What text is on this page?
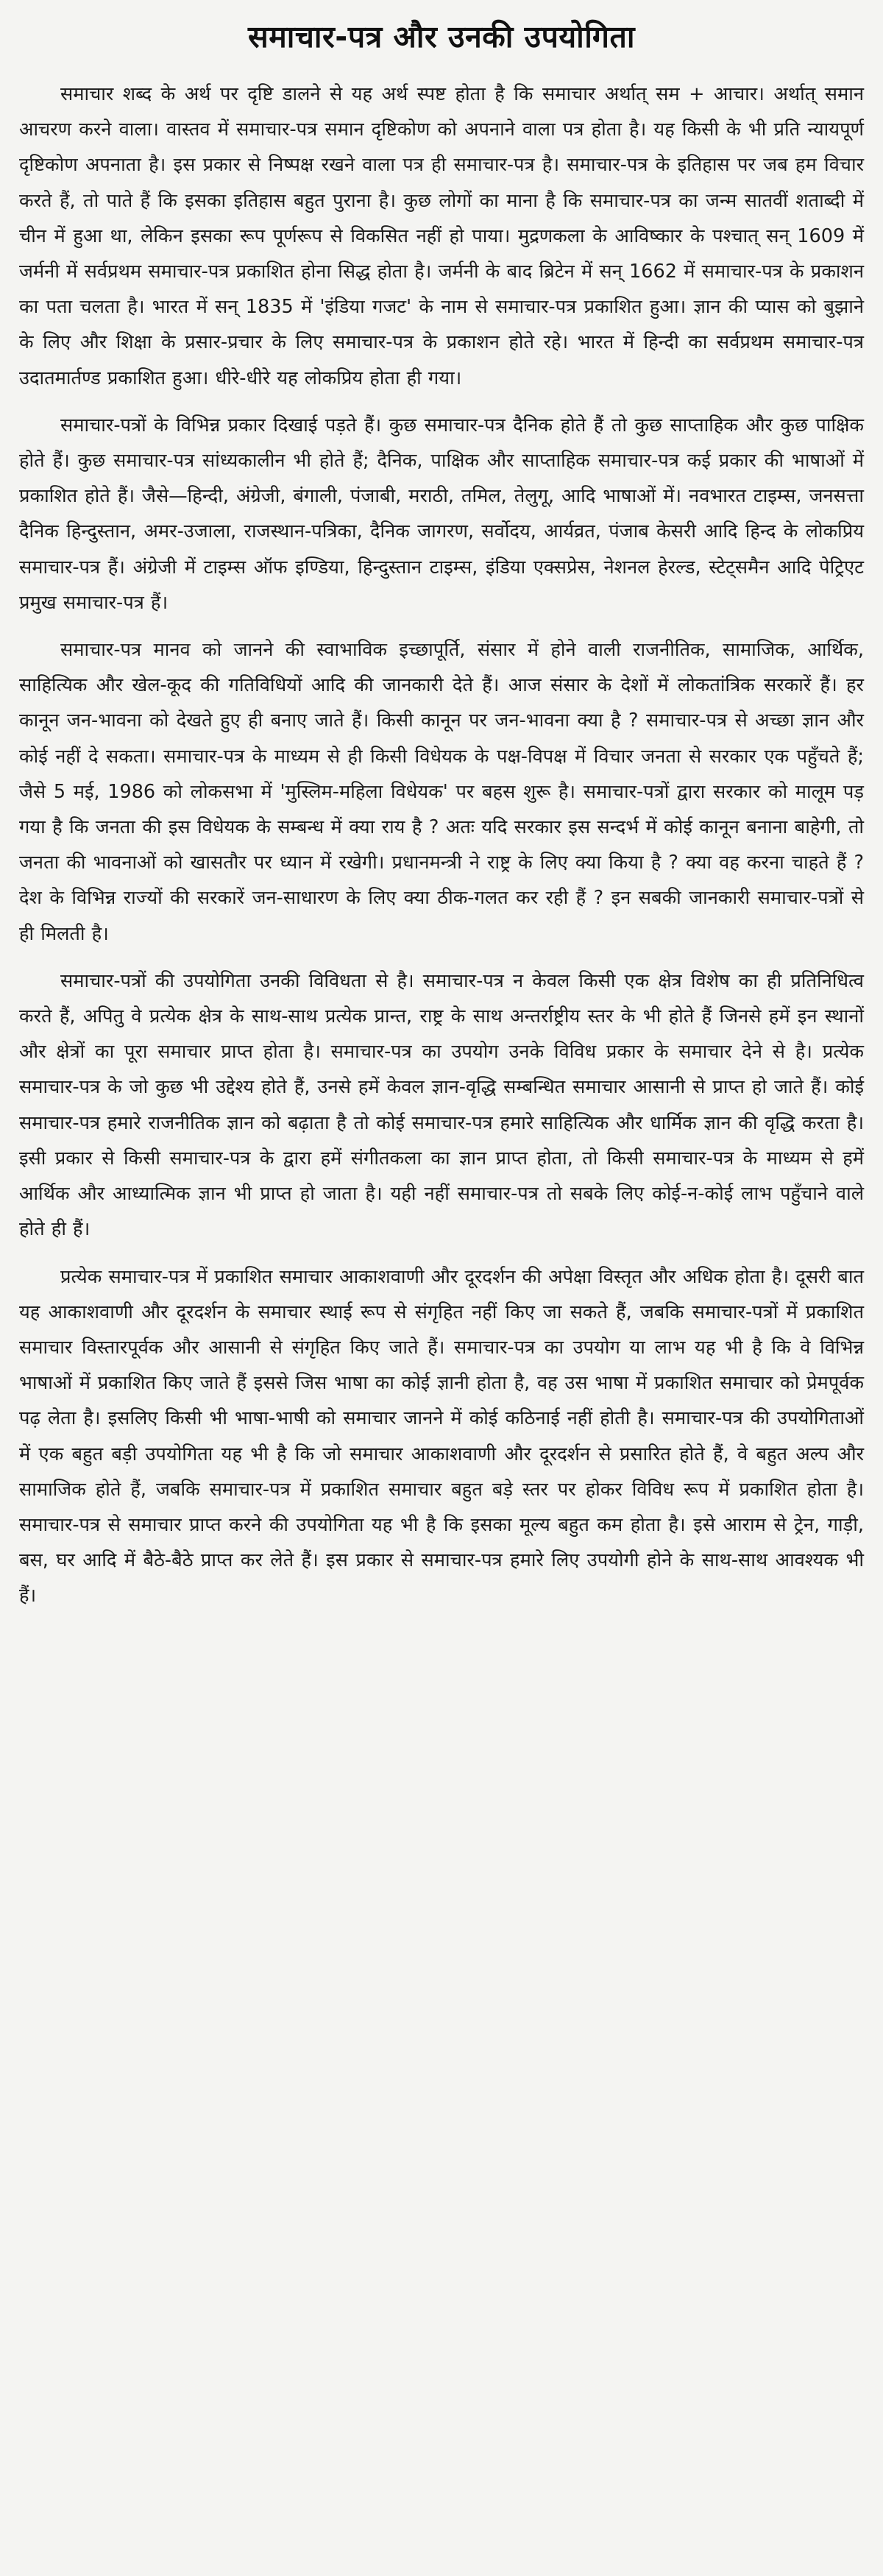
समाचार-पत्र और उनकी उपयोगिता

समाचार शब्द के अर्थ पर दृष्टि डालने से यह अर्थ स्पष्ट होता है कि समाचार अर्थात् सम + आचार। अर्थात् समान आचरण करने वाला। वास्तव में समाचार-पत्र समान दृष्टिकोण को अपनाने वाला पत्र होता है। यह किसी के भी प्रति न्यायपूर्ण दृष्टिकोण अपनाता है। इस प्रकार से निष्पक्ष रखने वाला पत्र ही समाचार-पत्र है। समाचार-पत्र के इतिहास पर जब हम विचार करते हैं, तो पाते हैं कि इसका इतिहास बहुत पुराना है। कुछ लोगों का माना है कि समाचार-पत्र का जन्म सातवीं शताब्दी में चीन में हुआ था, लेकिन इसका रूप पूर्णरूप से विकसित नहीं हो पाया। मुद्रणकला के आविष्कार के पश्चात् सन् 1609 में जर्मनी में सर्वप्रथम समाचार-पत्र प्रकाशित होना सिद्ध होता है। जर्मनी के बाद ब्रिटेन में सन् 1662 में समाचार-पत्र के प्रकाशन का पता चलता है। भारत में सन् 1835 में 'इंडिया गजट' के नाम से समाचार-पत्र प्रकाशित हुआ। ज्ञान की प्यास को बुझाने के लिए और शिक्षा के प्रसार-प्रचार के लिए समाचार-पत्र के प्रकाशन होते रहे। भारत में हिन्दी का सर्वप्रथम समाचार-पत्र उदातमार्तण्ड प्रकाशित हुआ। धीरे-धीरे यह लोकप्रिय होता ही गया।

समाचार-पत्रों के विभिन्न प्रकार दिखाई पड़ते हैं। कुछ समाचार-पत्र दैनिक होते हैं तो कुछ साप्ताहिक और कुछ पाक्षिक होते हैं। कुछ समाचार-पत्र सांध्यकालीन भी होते हैं; दैनिक, पाक्षिक और साप्ताहिक समाचार-पत्र कई प्रकार की भाषाओं में प्रकाशित होते हैं। जैसे—हिन्दी, अंग्रेजी, बंगाली, पंजाबी, मराठी, तमिल, तेलुगू, आदि भाषाओं में। नवभारत टाइम्स, जनसत्ता दैनिक हिन्दुस्तान, अमर-उजाला, राजस्थान-पत्रिका, दैनिक जागरण, सर्वोदय, आर्यव्रत, पंजाब केसरी आदि हिन्द के लोकप्रिय समाचार-पत्र हैं। अंग्रेजी में टाइम्स ऑफ इण्डिया, हिन्दुस्तान टाइम्स, इंडिया एक्सप्रेस, नेशनल हेरल्ड, स्टेट्समैन आदि पेट्रिएट प्रमुख समाचार-पत्र हैं।

समाचार-पत्र मानव को जानने की स्वाभाविक इच्छापूर्ति, संसार में होने वाली राजनीतिक, सामाजिक, आर्थिक, साहित्यिक और खेल-कूद की गतिविधियों आदि की जानकारी देते हैं। आज संसार के देशों में लोकतांत्रिक सरकारें हैं। हर कानून जन-भावना को देखते हुए ही बनाए जाते हैं। किसी कानून पर जन-भावना क्या है ? समाचार-पत्र से अच्छा ज्ञान और कोई नहीं दे सकता। समाचार-पत्र के माध्यम से ही किसी विधेयक के पक्ष-विपक्ष में विचार जनता से सरकार एक पहुँचते हैं; जैसे 5 मई, 1986 को लोकसभा में 'मुस्लिम-महिला विधेयक' पर बहस शुरू है। समाचार-पत्रों द्वारा सरकार को मालूम पड़ गया है कि जनता की इस विधेयक के सम्बन्ध में क्या राय है ? अतः यदि सरकार इस सन्दर्भ में कोई कानून बनाना बाहेगी, तो जनता की भावनाओं को खासतौर पर ध्यान में रखेगी। प्रधानमन्त्री ने राष्ट्र के लिए क्या किया है ? क्या वह करना चाहते हैं ? देश के विभिन्न राज्यों की सरकारें जन-साधारण के लिए क्या ठीक-गलत कर रही हैं ? इन सबकी जानकारी समाचार-पत्रों से ही मिलती है।

समाचार-पत्रों की उपयोगिता उनकी विविधता से है। समाचार-पत्र न केवल किसी एक क्षेत्र विशेष का ही प्रतिनिधित्व करते हैं, अपितु वे प्रत्येक क्षेत्र के साथ-साथ प्रत्येक प्रान्त, राष्ट्र के साथ अन्तर्राष्ट्रीय स्तर के भी होते हैं जिनसे हमें इन स्थानों और क्षेत्रों का पूरा समाचार प्राप्त होता है। समाचार-पत्र का उपयोग उनके विविध प्रकार के समाचार देने से है। प्रत्येक समाचार-पत्र के जो कुछ भी उद्देश्य होते हैं, उनसे हमें केवल ज्ञान-वृद्धि सम्बन्धित समाचार आसानी से प्राप्त हो जाते हैं। कोई समाचार-पत्र हमारे राजनीतिक ज्ञान को बढ़ाता है तो कोई समाचार-पत्र हमारे साहित्यिक और धार्मिक ज्ञान की वृद्धि करता है। इसी प्रकार से किसी समाचार-पत्र के द्वारा हमें संगीतकला का ज्ञान प्राप्त होता, तो किसी समाचार-पत्र के माध्यम से हमें आर्थिक और आध्यात्मिक ज्ञान भी प्राप्त हो जाता है। यही नहीं समाचार-पत्र तो सबके लिए कोई-न-कोई लाभ पहुँचाने वाले होते ही हैं।

प्रत्येक समाचार-पत्र में प्रकाशित समाचार आकाशवाणी और दूरदर्शन की अपेक्षा विस्तृत और अधिक होता है। दूसरी बात यह आकाशवाणी और दूरदर्शन के समाचार स्थाई रूप से संगृहित नहीं किए जा सकते हैं, जबकि समाचार-पत्रों में प्रकाशित समाचार विस्तारपूर्वक और आसानी से संगृहित किए जाते हैं। समाचार-पत्र का उपयोग या लाभ यह भी है कि वे विभिन्न भाषाओं में प्रकाशित किए जाते हैं इससे जिस भाषा का कोई ज्ञानी होता है, वह उस भाषा में प्रकाशित समाचार को प्रेमपूर्वक पढ़ लेता है। इसलिए किसी भी भाषा-भाषी को समाचार जानने में कोई कठिनाई नहीं होती है। समाचार-पत्र की उपयोगिताओं में एक बहुत बड़ी उपयोगिता यह भी है कि जो समाचार आकाशवाणी और दूरदर्शन से प्रसारित होते हैं, वे बहुत अल्प और सामाजिक होते हैं, जबकि समाचार-पत्र में प्रकाशित समाचार बहुत बड़े स्तर पर होकर विविध रूप में प्रकाशित होता है। समाचार-पत्र से समाचार प्राप्त करने की उपयोगिता यह भी है कि इसका मूल्य बहुत कम होता है। इसे आराम से ट्रेन, गाड़ी, बस, घर आदि में बैठे-बैठे प्राप्त कर लेते हैं। इस प्रकार से समाचार-पत्र हमारे लिए उपयोगी होने के साथ-साथ आवश्यक भी हैं।
